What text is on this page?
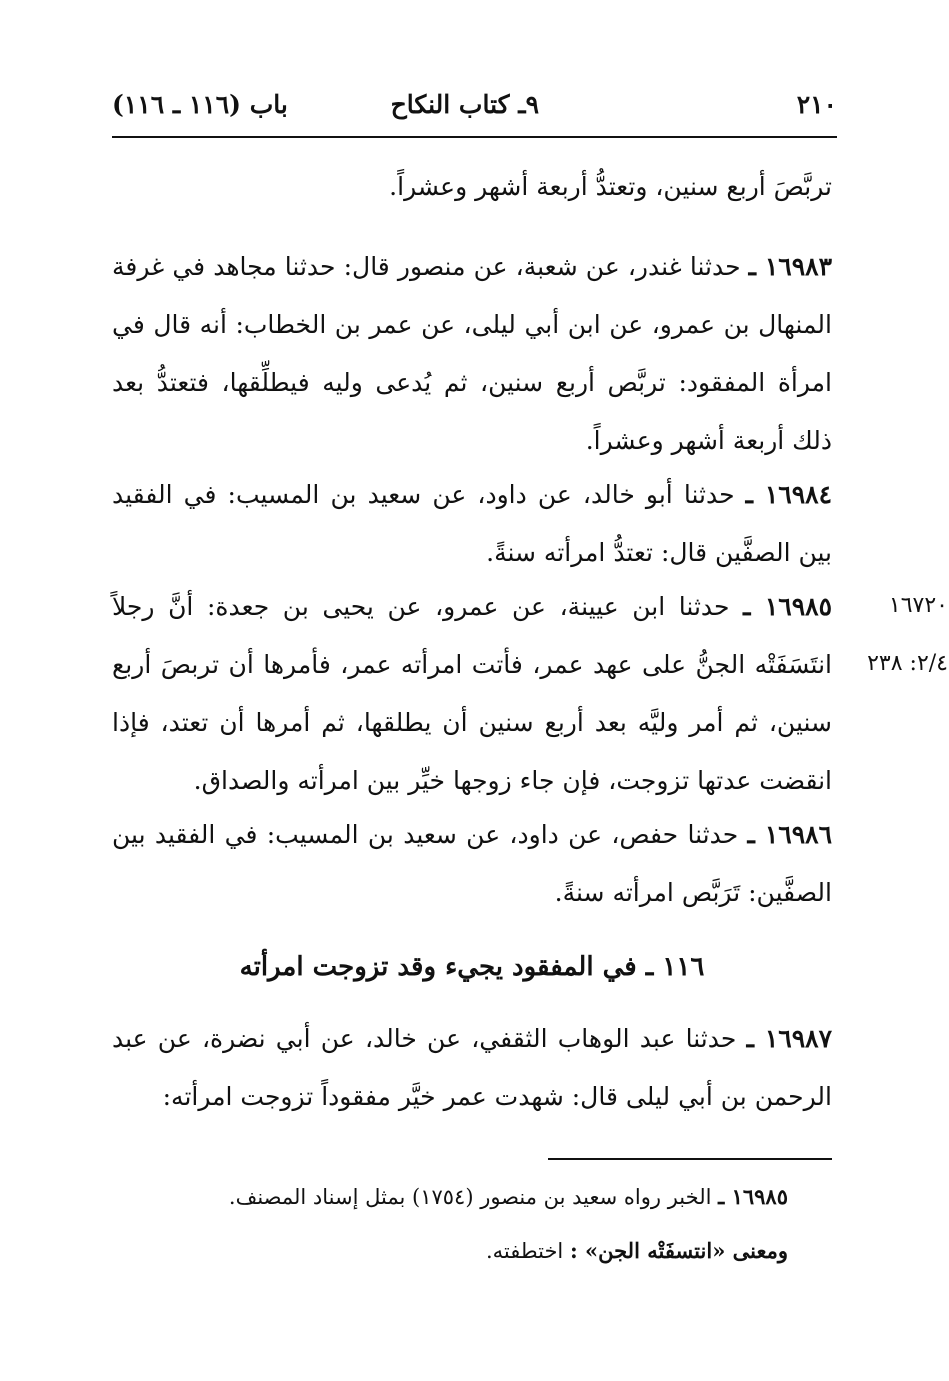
٢١٠
٩ـ كتاب النكاح
باب (١١٦ ـ ١١٦)

تربَّصَ أربع سنين، وتعتدُّ أربعة أشهر وعشراً.

١٦٩٨٣ ـ حدثنا غندر، عن شعبة، عن منصور قال: حدثنا مجاهد في غرفة المنهال بن عمرو، عن ابن أبي ليلى، عن عمر بن الخطاب: أنه قال في امرأة المفقود: تربَّص أربع سنين، ثم يُدعى وليه فيطلِّقها، فتعتدُّ بعد ذلك أربعة أشهر وعشراً.

١٦٩٨٤ ـ حدثنا أبو خالد، عن داود، عن سعيد بن المسيب: في الفقيد بين الصفَّين قال: تعتدُّ امرأته سنةً.

١٦٩٨٥ ـ حدثنا ابن عيينة، عن عمرو، عن يحيى بن جعدة: أنَّ رجلاً انتَسَفَتْه الجنُّ على عهد عمر، فأتت امرأته عمر، فأمرها أن تربصَ أربع سنين، ثم أمر وليَّه بعد أربع سنين أن يطلقها، ثم أمرها أن تعتد، فإذا انقضت عدتها تزوجت، فإن جاء زوجها خيِّر بين امرأته والصداق.

١٦٧٢٠
٢/٤: ٢٣٨

١٦٩٨٦ ـ حدثنا حفص، عن داود، عن سعيد بن المسيب: في الفقيد بين الصفَّين: تَرَبَّص امرأته سنةً.

١١٦ ـ في المفقود يجيء وقد تزوجت امرأته

١٦٩٨٧ ـ حدثنا عبد الوهاب الثقفي، عن خالد، عن أبي نضرة، عن عبد الرحمن بن أبي ليلى قال: شهدت عمر خيَّر مفقوداً تزوجت امرأته:

١٦٩٨٥ ـ الخبر رواه سعيد بن منصور (١٧٥٤) بمثل إسناد المصنف.
ومعنى «انتسفَتْه الجن» : اختطفته.
